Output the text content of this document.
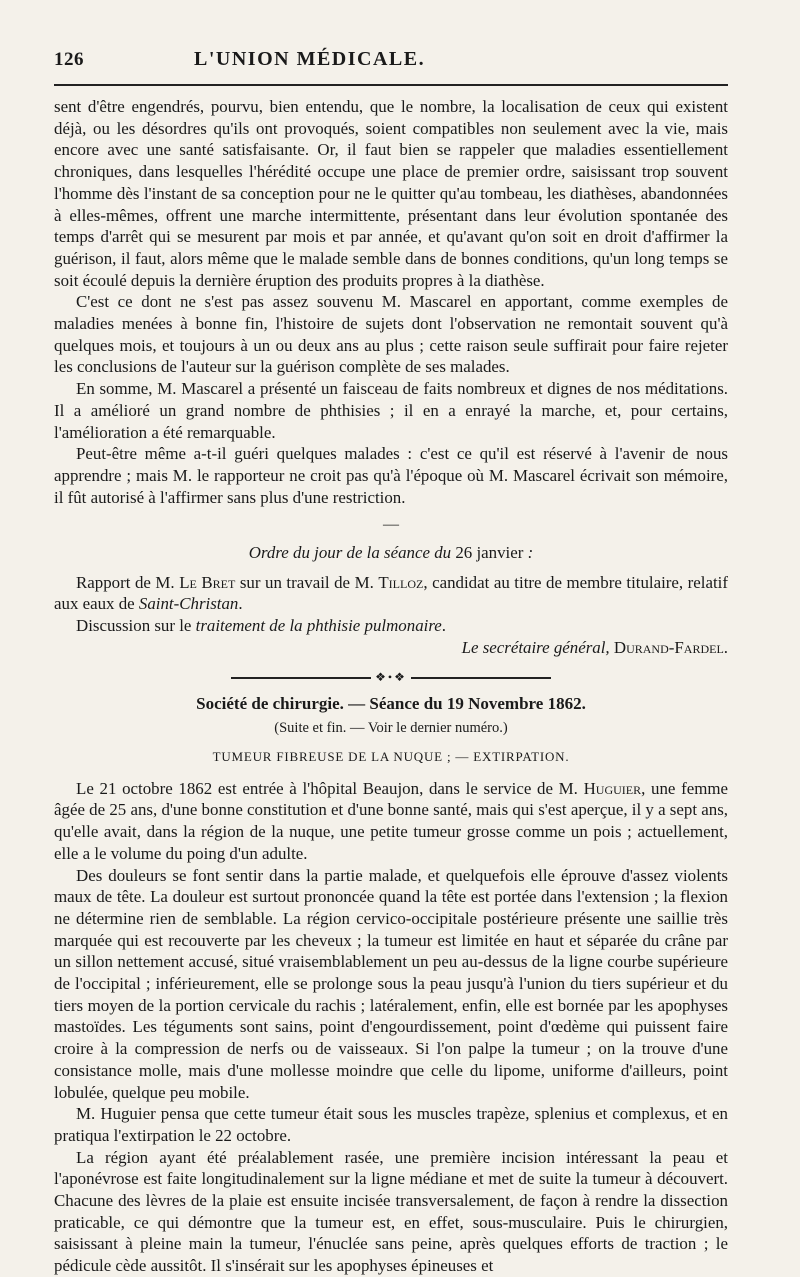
126	L'UNION MÉDICALE.

sent d'être engendrés, pourvu, bien entendu, que le nombre, la localisation de ceux qui existent déjà, ou les désordres qu'ils ont provoqués, soient compatibles non seulement avec la vie, mais encore avec une santé satisfaisante. Or, il faut bien se rappeler que maladies essentiellement chroniques, dans lesquelles l'hérédité occupe une place de premier ordre, saisissant trop souvent l'homme dès l'instant de sa conception pour ne le quitter qu'au tombeau, les diathèses, abandonnées à elles-mêmes, offrent une marche intermittente, présentant dans leur évolution spontanée des temps d'arrêt qui se mesurent par mois et par année, et qu'avant qu'on soit en droit d'affirmer la guérison, il faut, alors même que le malade semble dans de bonnes conditions, qu'un long temps se soit écoulé depuis la dernière éruption des produits propres à la diathèse.

C'est ce dont ne s'est pas assez souvenu M. Mascarel en apportant, comme exemples de maladies menées à bonne fin, l'histoire de sujets dont l'observation ne remontait souvent qu'à quelques mois, et toujours à un ou deux ans au plus ; cette raison seule suffirait pour faire rejeter les conclusions de l'auteur sur la guérison complète de ses malades.

En somme, M. Mascarel a présenté un faisceau de faits nombreux et dignes de nos méditations. Il a amélioré un grand nombre de phthisies ; il en a enrayé la marche, et, pour certains, l'amélioration a été remarquable.

Peut-être même a-t-il guéri quelques malades : c'est ce qu'il est réservé à l'avenir de nous apprendre ; mais M. le rapporteur ne croit pas qu'à l'époque où M. Mascarel écrivait son mémoire, il fût autorisé à l'affirmer sans plus d'une restriction.

—
Ordre du jour de la séance du 26 janvier :

Rapport de M. Le Bret sur un travail de M. Tilloz, candidat au titre de membre titulaire, relatif aux eaux de Saint-Christan.

Discussion sur le traitement de la phthisie pulmonaire.

Le secrétaire général, Durand-Fardel.

❖•❖
Société de chirurgie. — Séance du 19 Novembre 1862.
(Suite et fin. — Voir le dernier numéro.)
TUMEUR FIBREUSE DE LA NUQUE ; — EXTIRPATION.

Le 21 octobre 1862 est entrée à l'hôpital Beaujon, dans le service de M. Huguier, une femme âgée de 25 ans, d'une bonne constitution et d'une bonne santé, mais qui s'est aperçue, il y a sept ans, qu'elle avait, dans la région de la nuque, une petite tumeur grosse comme un pois ; actuellement, elle a le volume du poing d'un adulte.

Des douleurs se font sentir dans la partie malade, et quelquefois elle éprouve d'assez violents maux de tête. La douleur est surtout prononcée quand la tête est portée dans l'extension ; la flexion ne détermine rien de semblable. La région cervico-occipitale postérieure présente une saillie très marquée qui est recouverte par les cheveux ; la tumeur est limitée en haut et séparée du crâne par un sillon nettement accusé, situé vraisemblablement un peu au-dessus de la ligne courbe supérieure de l'occipital ; inférieurement, elle se prolonge sous la peau jusqu'à l'union du tiers supérieur et du tiers moyen de la portion cervicale du rachis ; latéralement, enfin, elle est bornée par les apophyses mastoïdes. Les téguments sont sains, point d'engourdissement, point d'œdème qui puissent faire croire à la compression de nerfs ou de vaisseaux. Si l'on palpe la tumeur ; on la trouve d'une consistance molle, mais d'une mollesse moindre que celle du lipome, uniforme d'ailleurs, point lobulée, quelque peu mobile.

M. Huguier pensa que cette tumeur était sous les muscles trapèze, splenius et complexus, et en pratiqua l'extirpation le 22 octobre.

La région ayant été préalablement rasée, une première incision intéressant la peau et l'aponévrose est faite longitudinalement sur la ligne médiane et met de suite la tumeur à découvert. Chacune des lèvres de la plaie est ensuite incisée transversalement, de façon à rendre la dissection praticable, ce qui démontre que la tumeur est, en effet, sous-musculaire. Puis le chirurgien, saisissant à pleine main la tumeur, l'énuclée sans peine, après quelques efforts de traction ; le pédicule cède aussitôt. Il s'insérait sur les apophyses épineuses et
